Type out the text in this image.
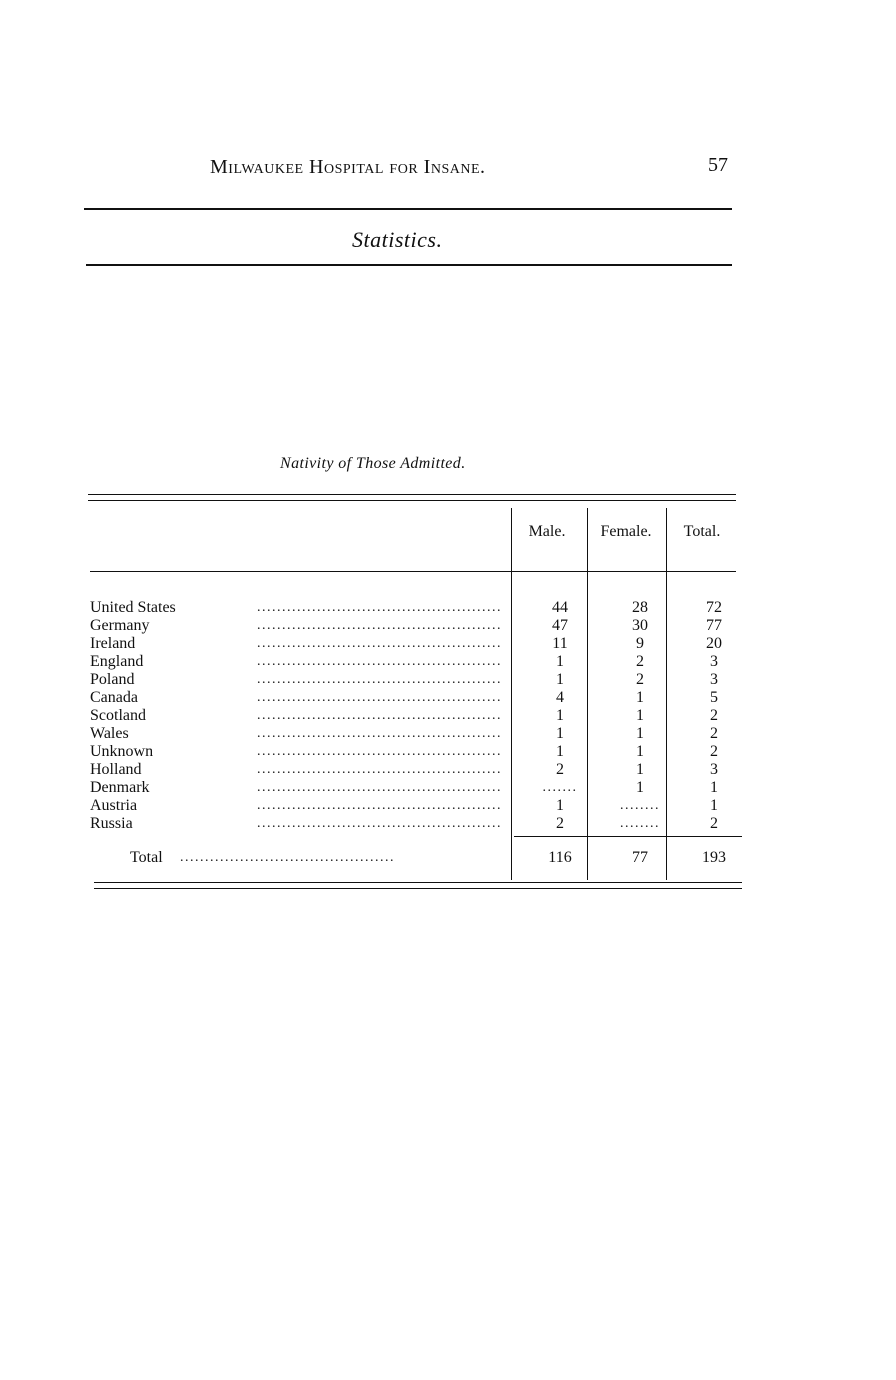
Milwaukee Hospital for Insane.	57
Statistics.
Nativity of Those Admitted.
Male.	Female.	Total.
United States	.................................................	44	28	72
Germany	.................................................	47	30	77
Ireland	.................................................	11	9	20
England	.................................................	1	2	3
Poland	.................................................	1	2	3
Canada	.................................................	4	1	5
Scotland	.................................................	1	1	2
Wales	.................................................	1	1	2
Unknown	.................................................	1	1	2
Holland	.................................................	2	1	3
Denmark	.................................................	.......	1	1
Austria	.................................................	1	........	1
Russia	.................................................	2	........	2
Total ...........................................	116	77	193
